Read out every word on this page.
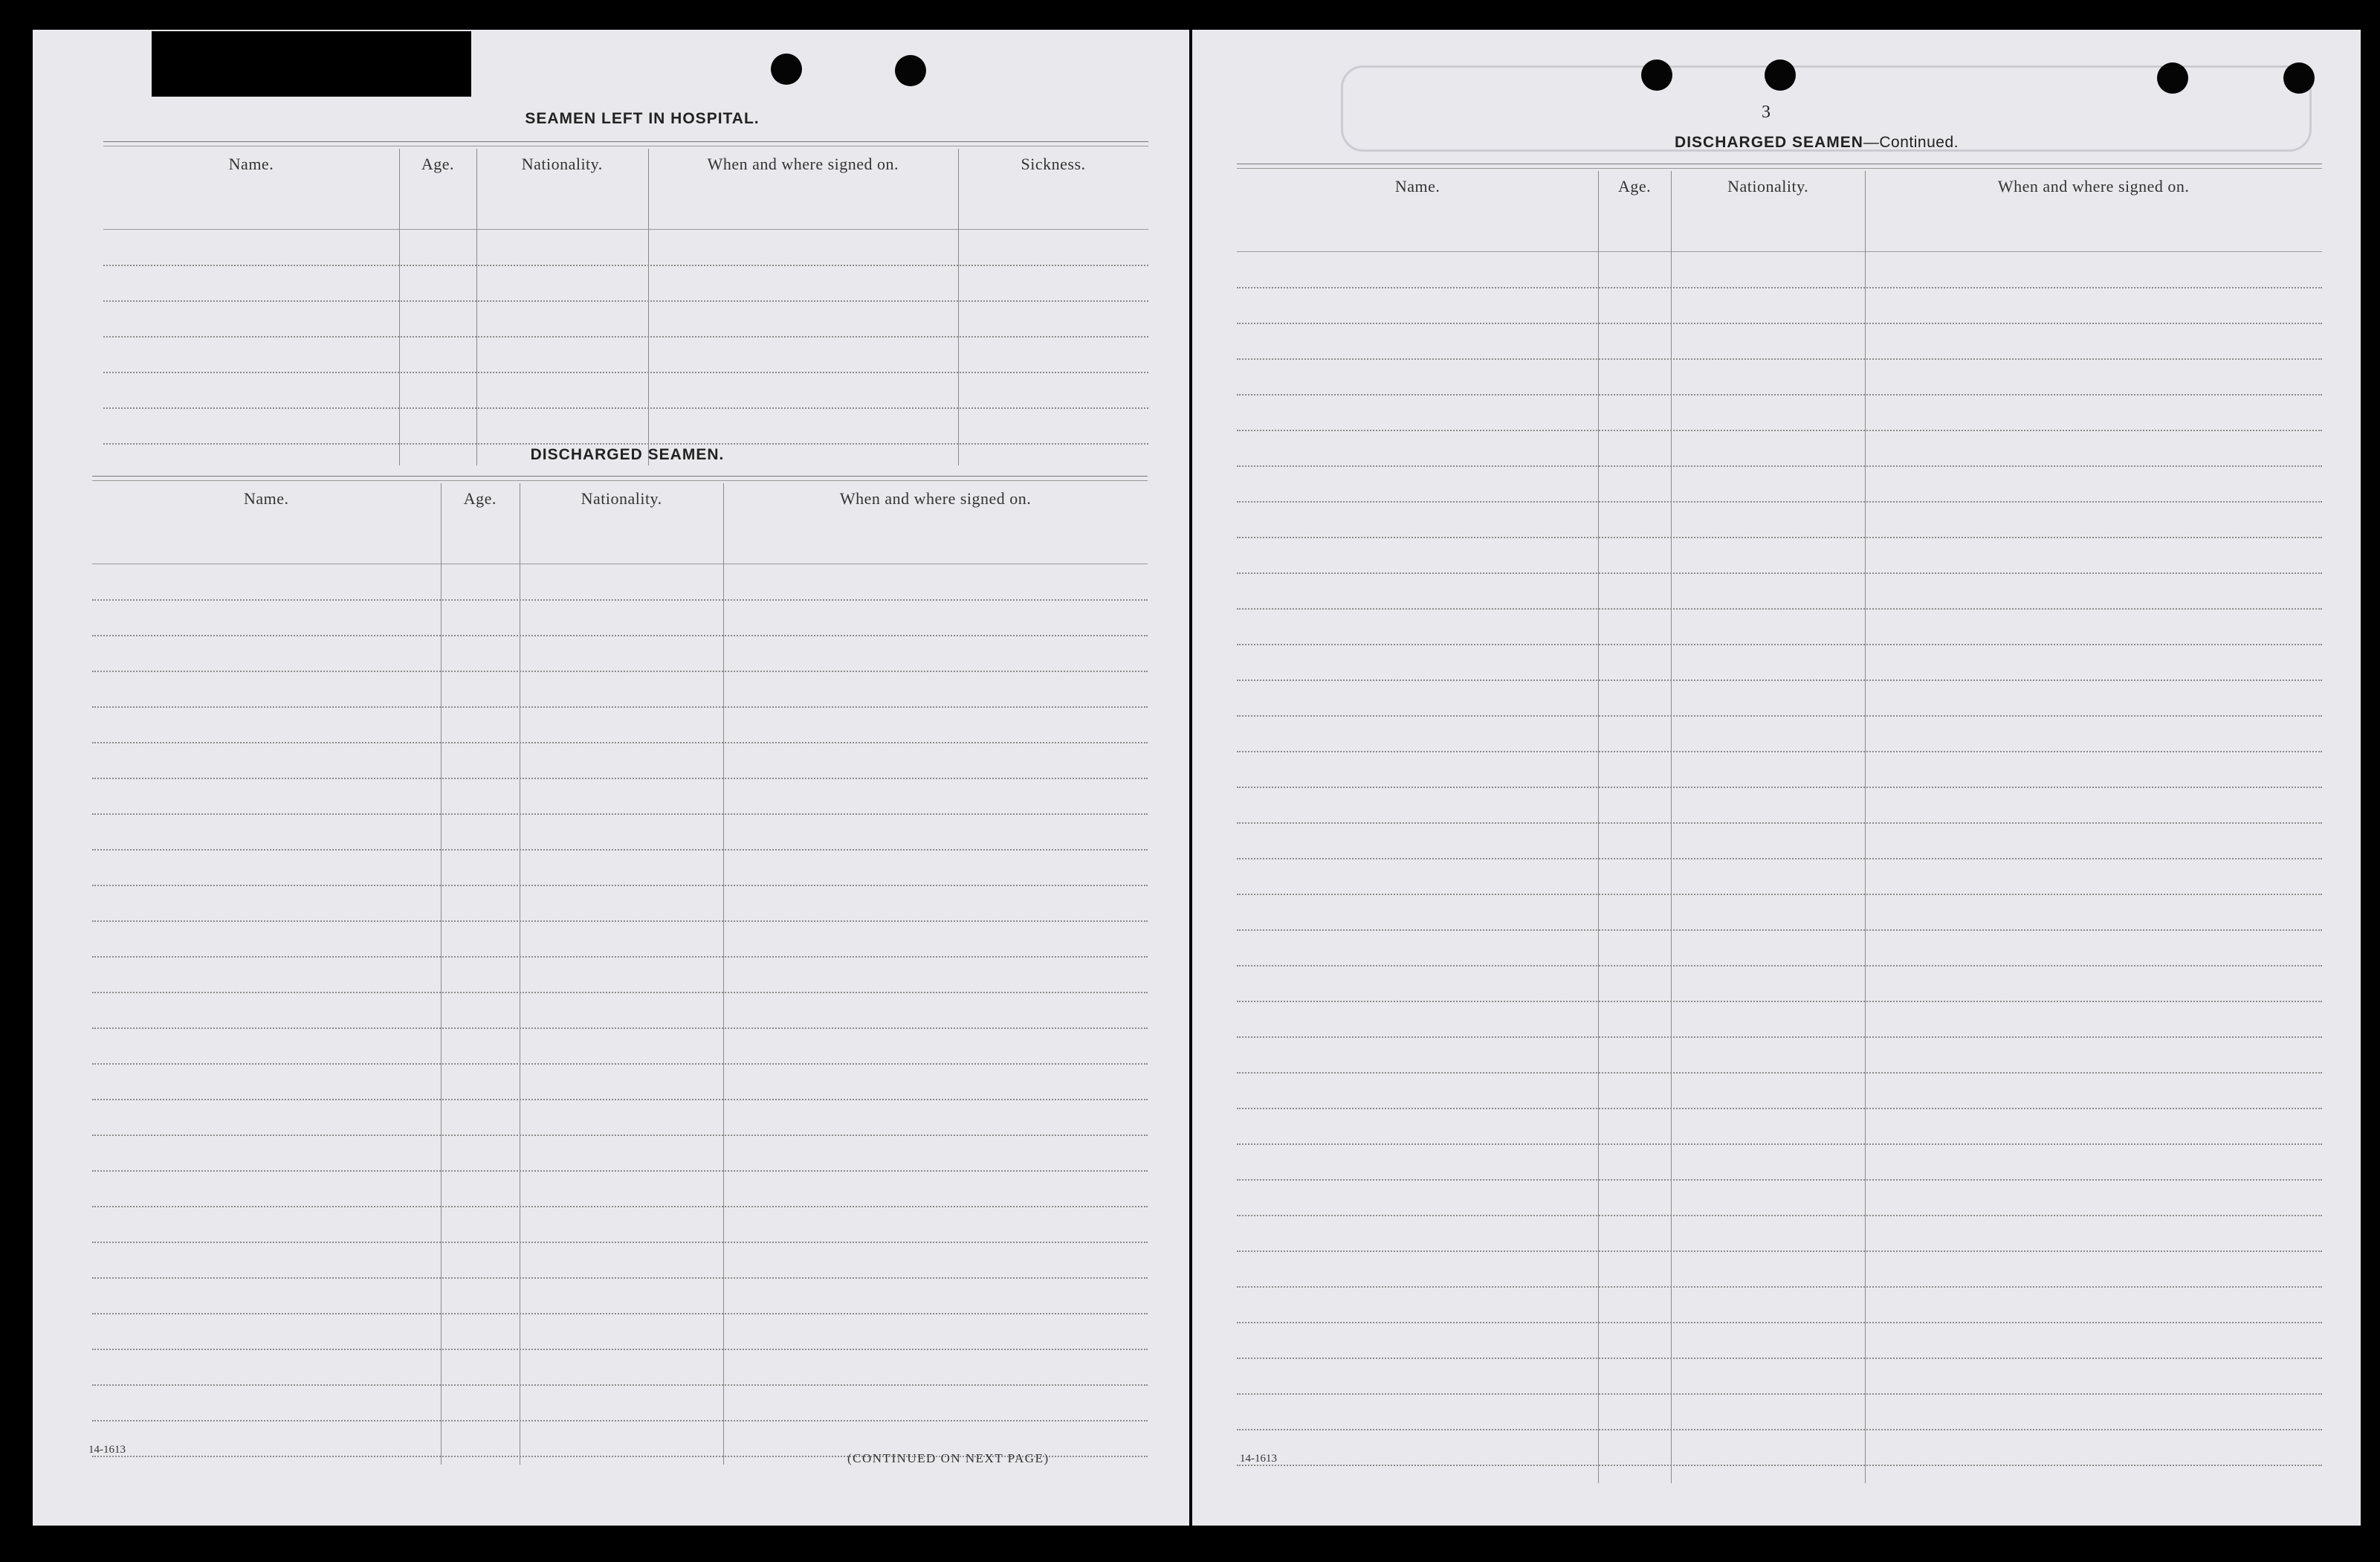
SEAMEN LEFT IN HOSPITAL.
Name.	Age.	Nationality.	When and where signed on.	Sickness.
DISCHARGED SEAMEN.
Name.	Age.	Nationality.	When and where signed on.
14-1613
(CONTINUED ON NEXT PAGE)
3
DISCHARGED SEAMEN—Continued.
Name.	Age.	Nationality.	When and where signed on.
14-1613
